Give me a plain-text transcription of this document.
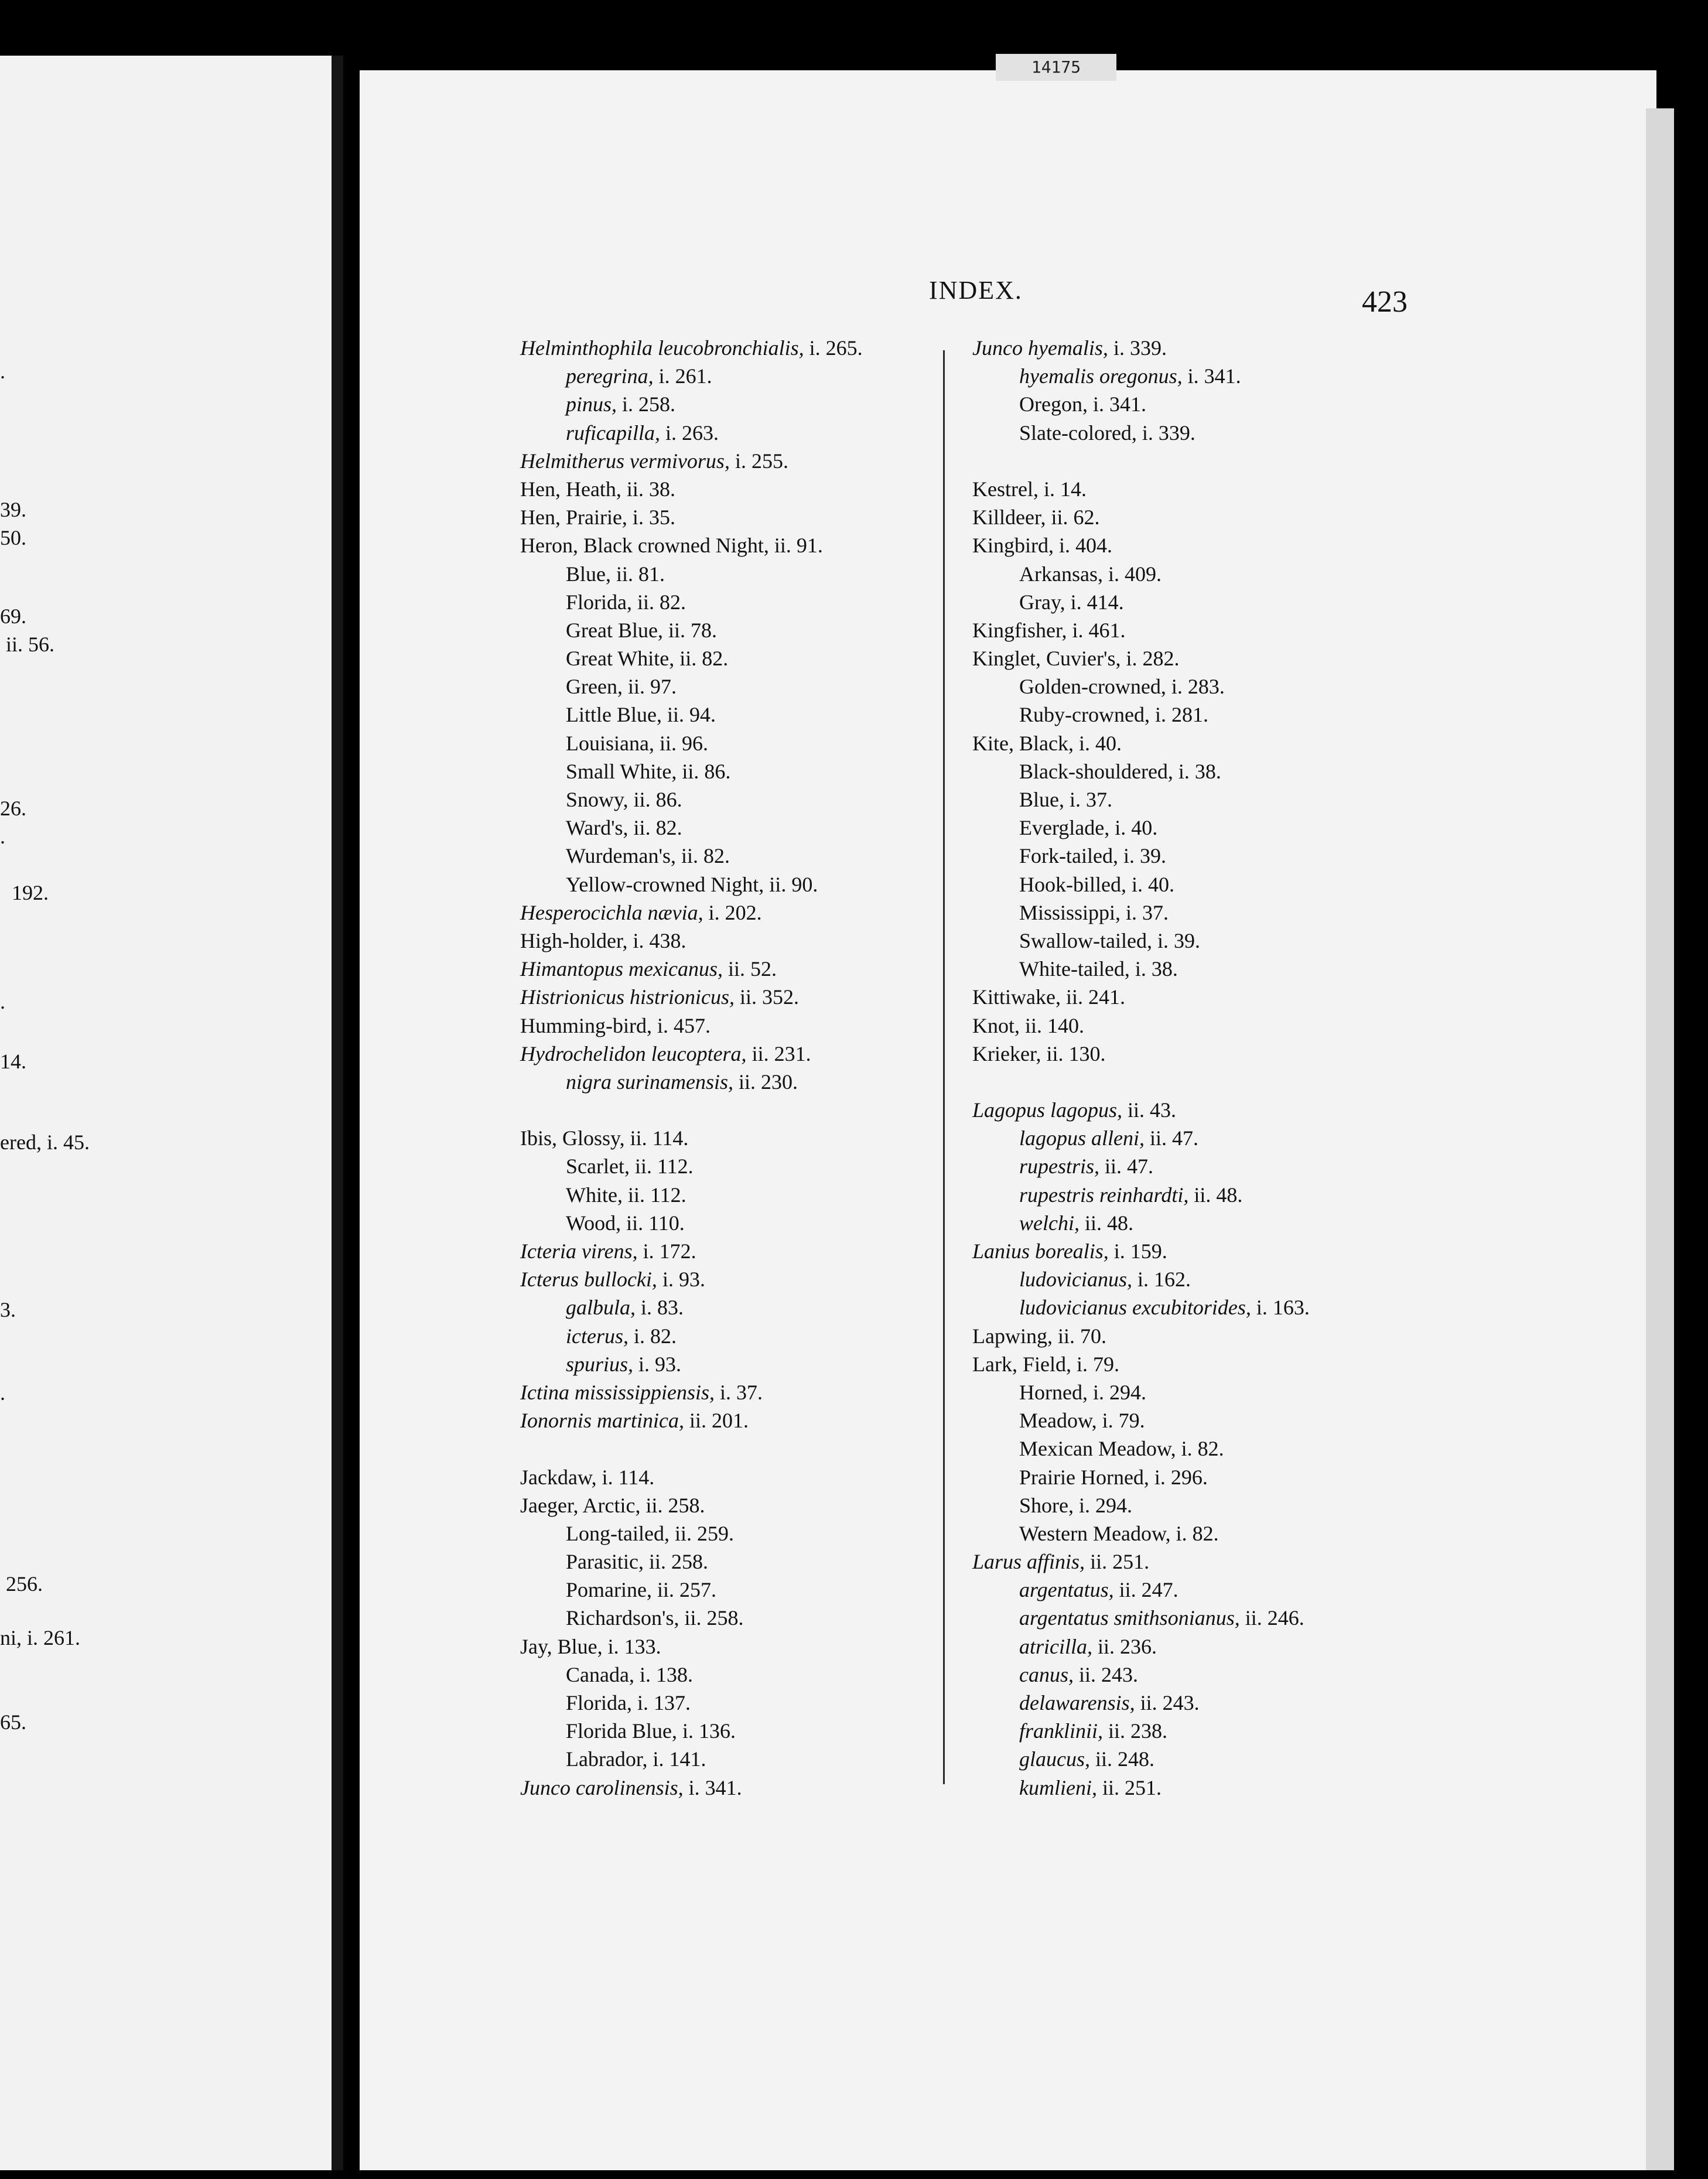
14175
.
39.
50.
69.
ii. 56.
26.
.
192.
.
14.
ered, i. 45.
3.
.
256.
ni, i. 261.
65.
INDEX.	423
Helminthophila leucobronchialis, i. 265.
peregrina, i. 261.
pinus, i. 258.
ruficapilla, i. 263.
Helmitherus vermivorus, i. 255.
Hen, Heath, ii. 38.
Hen, Prairie, i. 35.
Heron, Black crowned Night, ii. 91.
Blue, ii. 81.
Florida, ii. 82.
Great Blue, ii. 78.
Great White, ii. 82.
Green, ii. 97.
Little Blue, ii. 94.
Louisiana, ii. 96.
Small White, ii. 86.
Snowy, ii. 86.
Ward's, ii. 82.
Wurdeman's, ii. 82.
Yellow-crowned Night, ii. 90.
Hesperocichla nævia, i. 202.
High-holder, i. 438.
Himantopus mexicanus, ii. 52.
Histrionicus histrionicus, ii. 352.
Humming-bird, i. 457.
Hydrochelidon leucoptera, ii. 231.
nigra surinamensis, ii. 230.
Ibis, Glossy, ii. 114.
Scarlet, ii. 112.
White, ii. 112.
Wood, ii. 110.
Icteria virens, i. 172.
Icterus bullocki, i. 93.
galbula, i. 83.
icterus, i. 82.
spurius, i. 93.
Ictina mississippiensis, i. 37.
Ionornis martinica, ii. 201.
Jackdaw, i. 114.
Jaeger, Arctic, ii. 258.
Long-tailed, ii. 259.
Parasitic, ii. 258.
Pomarine, ii. 257.
Richardson's, ii. 258.
Jay, Blue, i. 133.
Canada, i. 138.
Florida, i. 137.
Florida Blue, i. 136.
Labrador, i. 141.
Junco carolinensis, i. 341.
Junco hyemalis, i. 339.
hyemalis oregonus, i. 341.
Oregon, i. 341.
Slate-colored, i. 339.
Kestrel, i. 14.
Killdeer, ii. 62.
Kingbird, i. 404.
Arkansas, i. 409.
Gray, i. 414.
Kingfisher, i. 461.
Kinglet, Cuvier's, i. 282.
Golden-crowned, i. 283.
Ruby-crowned, i. 281.
Kite, Black, i. 40.
Black-shouldered, i. 38.
Blue, i. 37.
Everglade, i. 40.
Fork-tailed, i. 39.
Hook-billed, i. 40.
Mississippi, i. 37.
Swallow-tailed, i. 39.
White-tailed, i. 38.
Kittiwake, ii. 241.
Knot, ii. 140.
Krieker, ii. 130.
Lagopus lagopus, ii. 43.
lagopus alleni, ii. 47.
rupestris, ii. 47.
rupestris reinhardti, ii. 48.
welchi, ii. 48.
Lanius borealis, i. 159.
ludovicianus, i. 162.
ludovicianus excubitorides, i. 163.
Lapwing, ii. 70.
Lark, Field, i. 79.
Horned, i. 294.
Meadow, i. 79.
Mexican Meadow, i. 82.
Prairie Horned, i. 296.
Shore, i. 294.
Western Meadow, i. 82.
Larus affinis, ii. 251.
argentatus, ii. 247.
argentatus smithsonianus, ii. 246.
atricilla, ii. 236.
canus, ii. 243.
delawarensis, ii. 243.
franklinii, ii. 238.
glaucus, ii. 248.
kumlieni, ii. 251.
